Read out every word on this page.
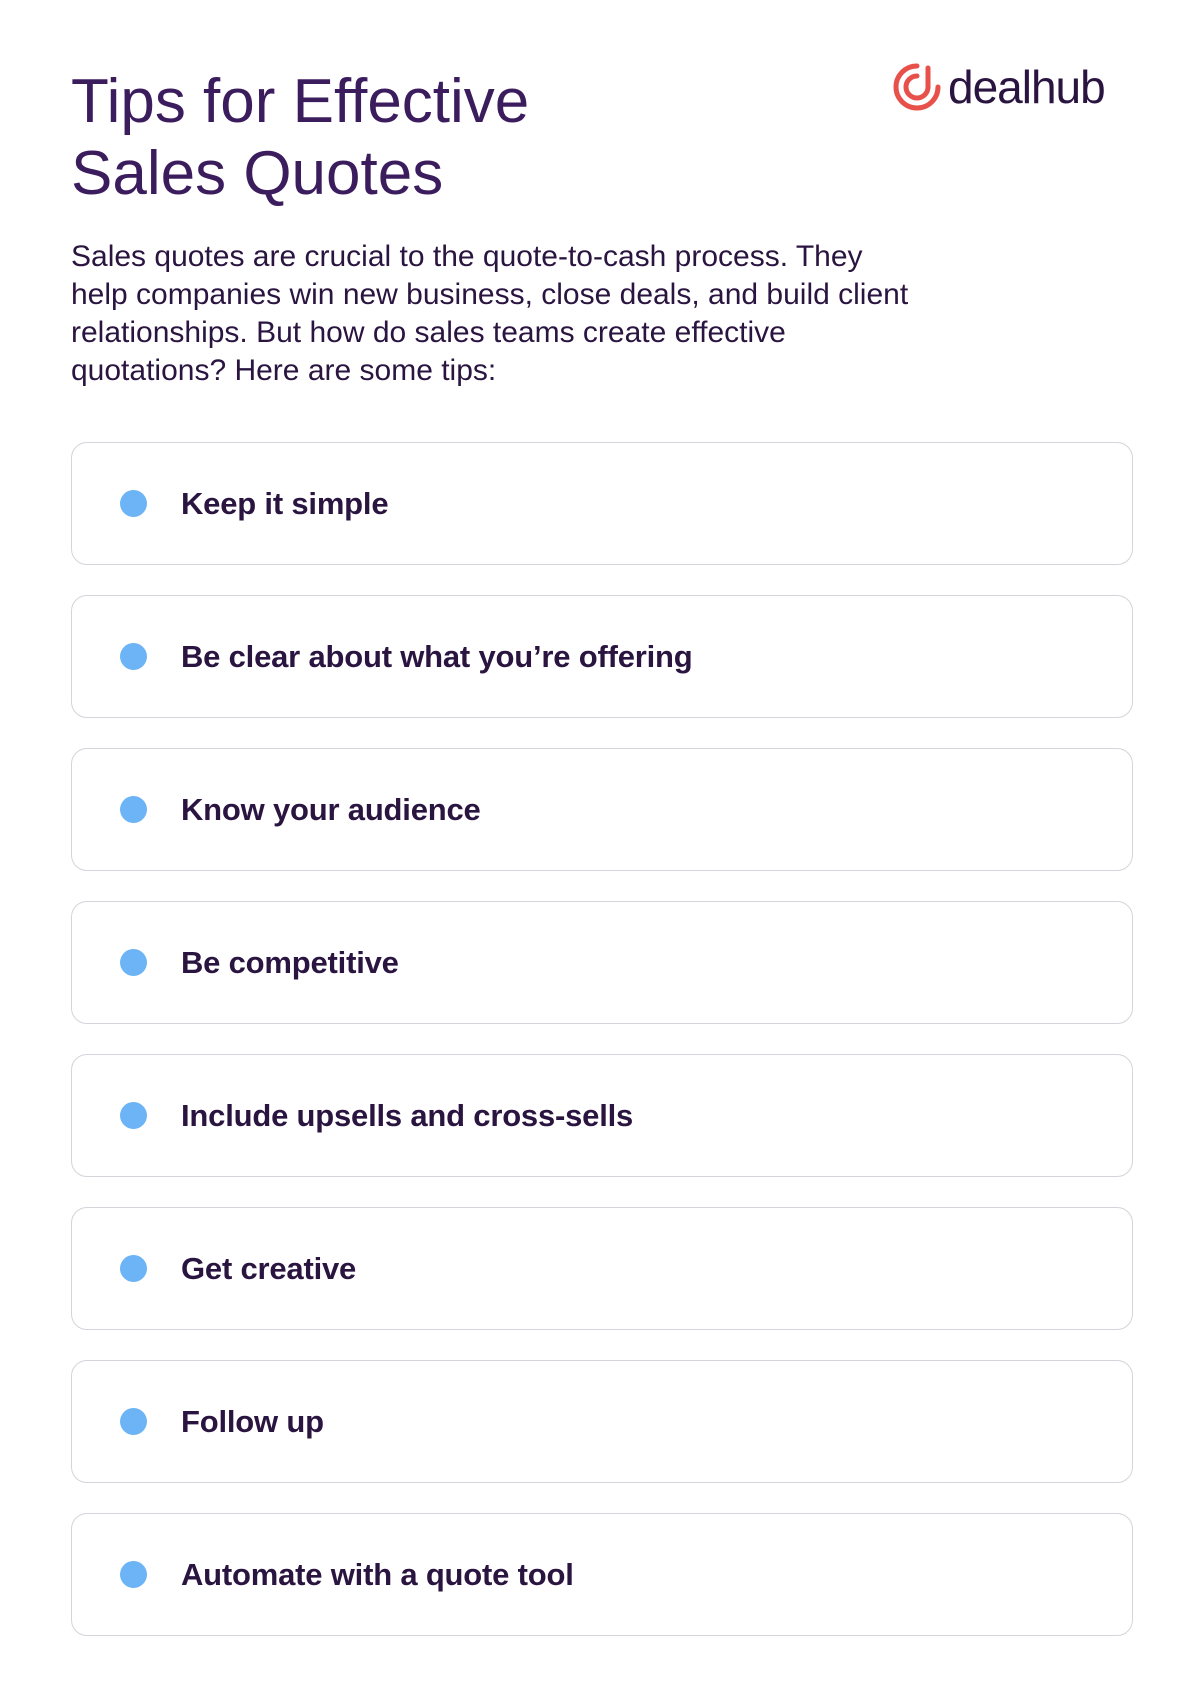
Tips for Effective
Sales Quotes
dealhub

Sales quotes are crucial to the quote-to-cash process. They help companies win new business, close deals, and build client relationships. But how do sales teams create effective quotations? Here are some tips:

Keep it simple
Be clear about what you’re offering
Know your audience
Be competitive
Include upsells and cross-sells
Get creative
Follow up
Automate with a quote tool
